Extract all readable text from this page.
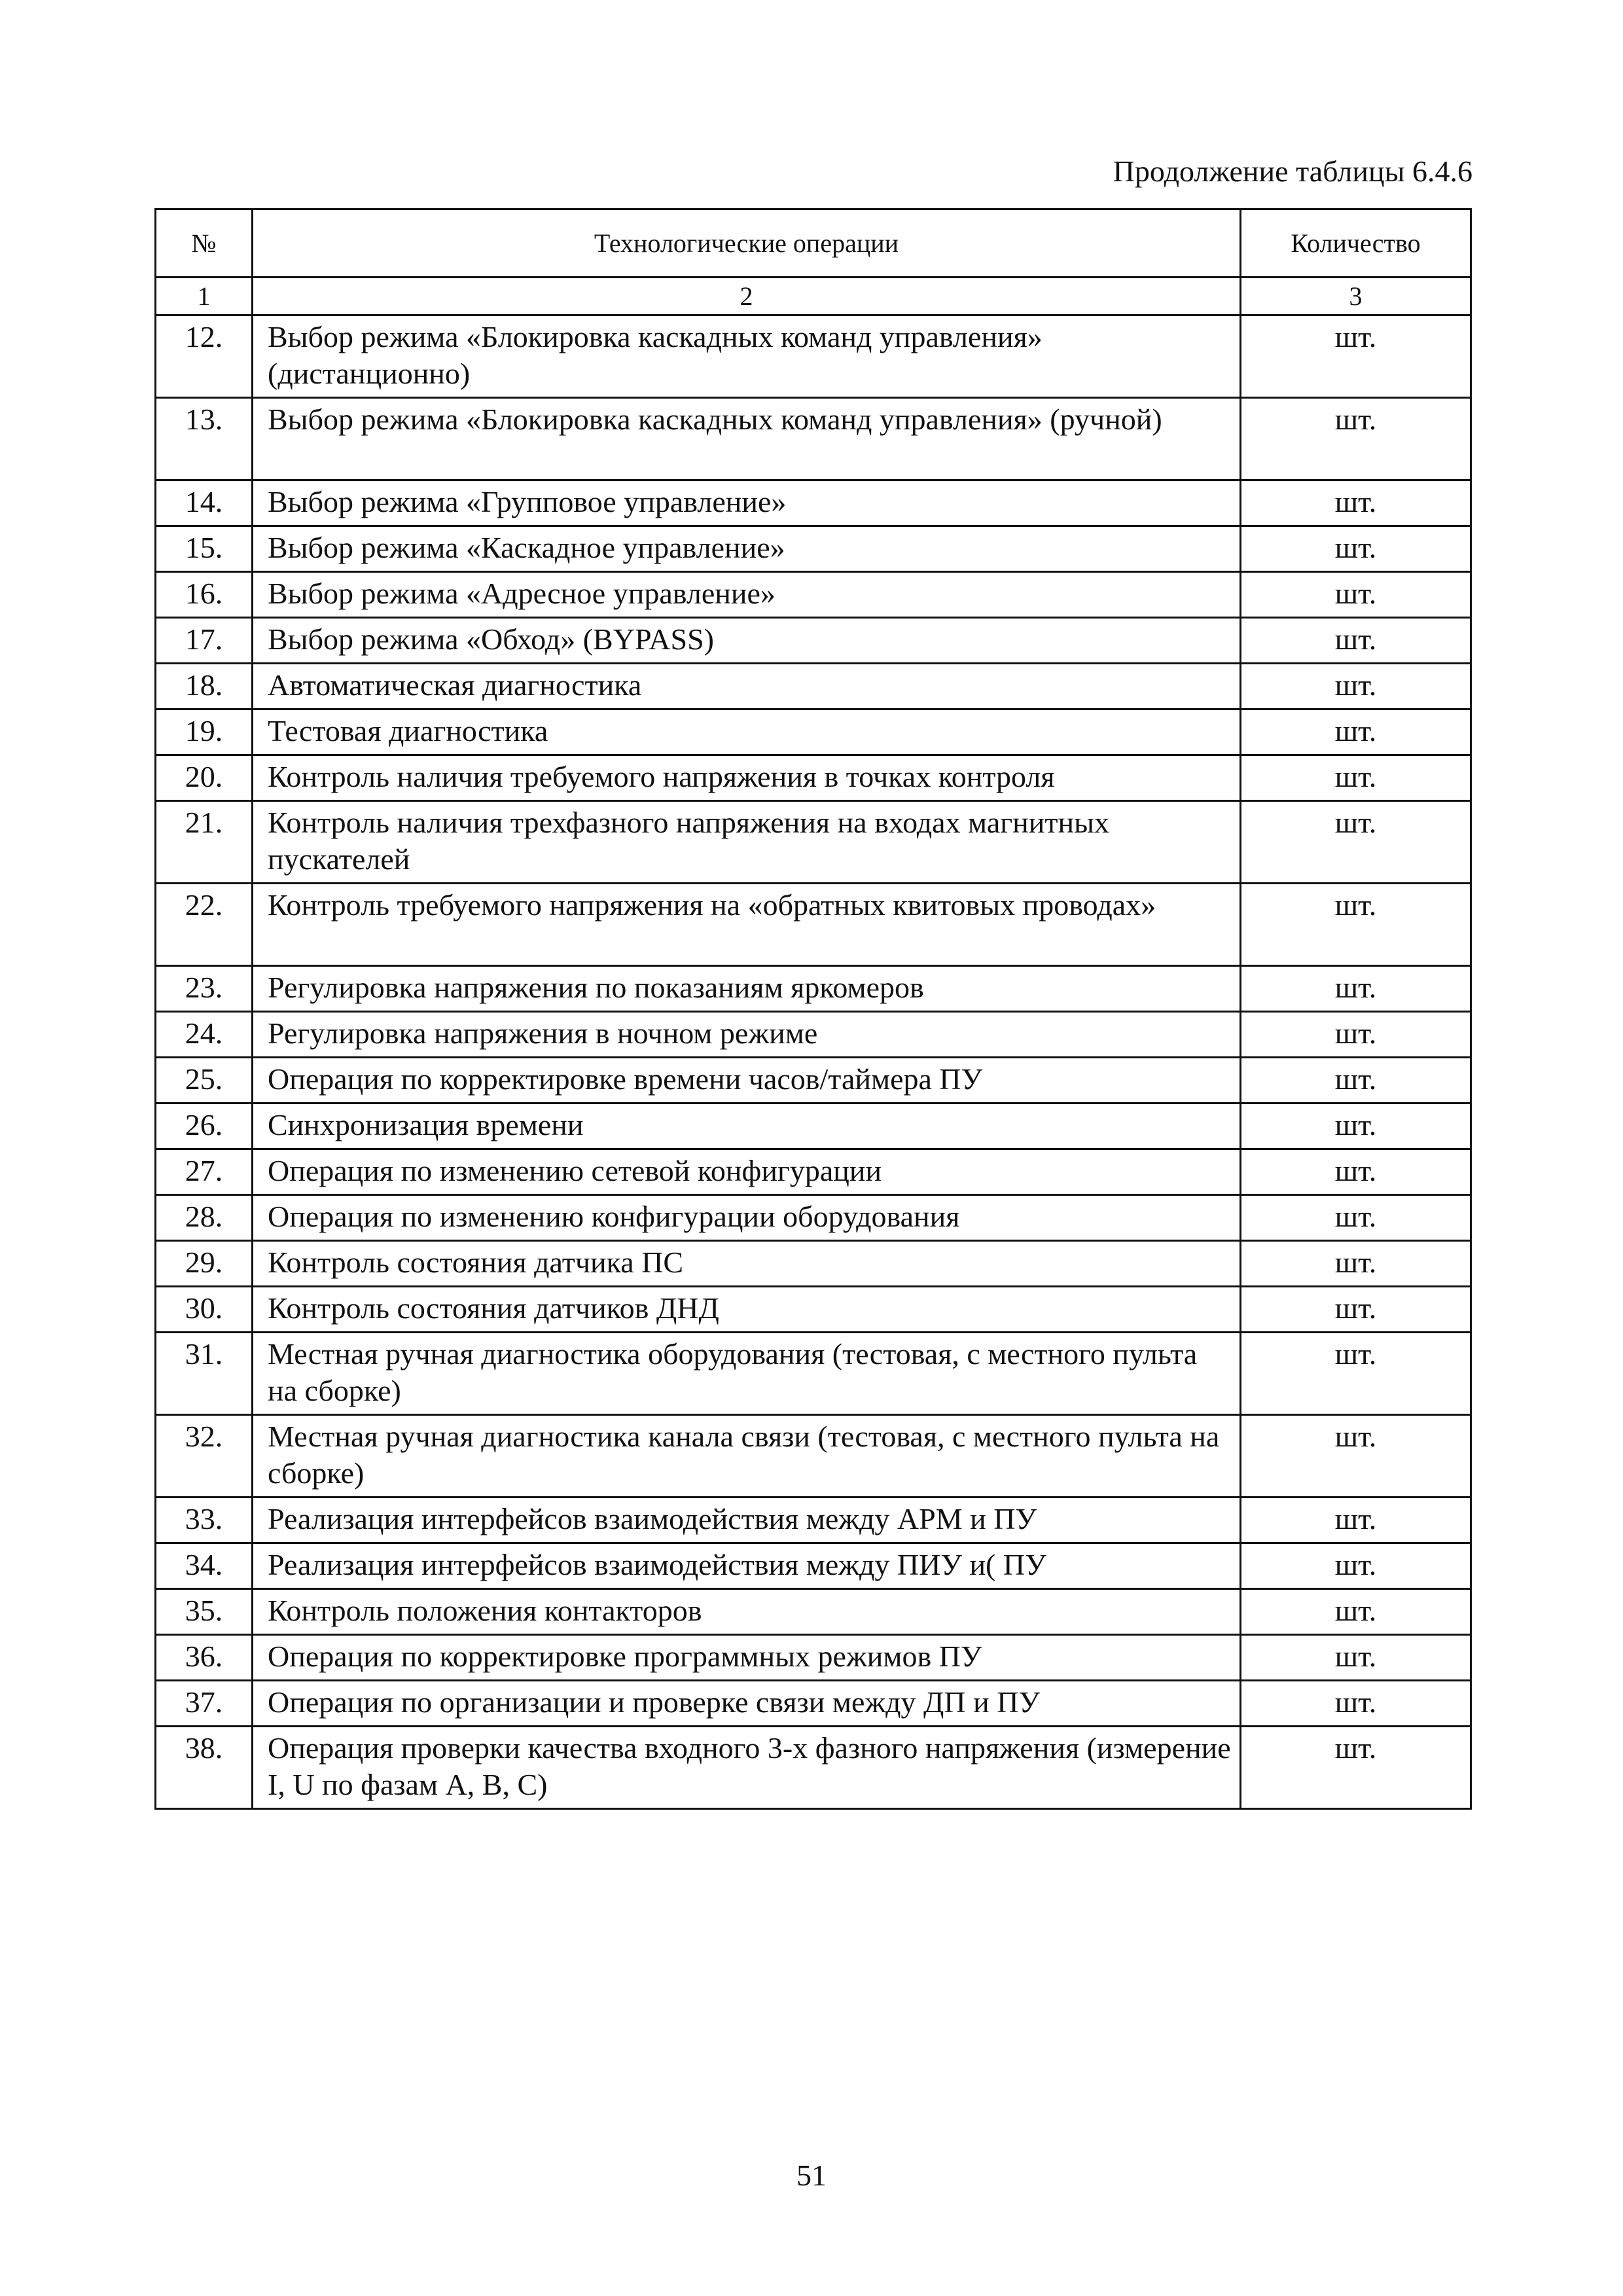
Продолжение таблицы 6.4.6
№	Технологические операции	Количество
1	2	3
12.	Выбор режима «Блокировка каскадных команд управления» (дистанционно)	шт.
13.	Выбор режима «Блокировка каскадных команд управления» (ручной)	шт.
14.	Выбор режима «Групповое управление»	шт.
15.	Выбор режима «Каскадное управление»	шт.
16.	Выбор режима «Адресное управление»	шт.
17.	Выбор режима «Обход» (BYPASS)	шт.
18.	Автоматическая диагностика	шт.
19.	Тестовая диагностика	шт.
20.	Контроль наличия требуемого напряжения в точках контроля	шт.
21.	Контроль наличия трехфазного напряжения на входах магнитных пускателей	шт.
22.	Контроль требуемого напряжения на «обратных квитовых проводах»	шт.
23.	Регулировка напряжения по показаниям яркомеров	шт.
24.	Регулировка напряжения в ночном режиме	шт.
25.	Операция по корректировке времени часов/таймера ПУ	шт.
26.	Синхронизация времени	шт.
27.	Операция по изменению сетевой конфигурации	шт.
28.	Операция по изменению конфигурации оборудования	шт.
29.	Контроль состояния датчика ПС	шт.
30.	Контроль состояния датчиков ДНД	шт.
31.	Местная ручная диагностика оборудования (тестовая, с местного пульта на сборке)	шт.
32.	Местная ручная диагностика канала связи (тестовая, с местного пульта на сборке)	шт.
33.	Реализация интерфейсов взаимодействия между АРМ и ПУ	шт.
34.	Реализация интерфейсов взаимодействия между ПИУ и( ПУ	шт.
35.	Контроль положения контакторов	шт.
36.	Операция по корректировке программных режимов ПУ	шт.
37.	Операция по организации и проверке связи между ДП и ПУ	шт.
38.	Операция проверки качества входного 3-х фазного напряжения (измерение I, U по фазам A, B, C)	шт.
51
